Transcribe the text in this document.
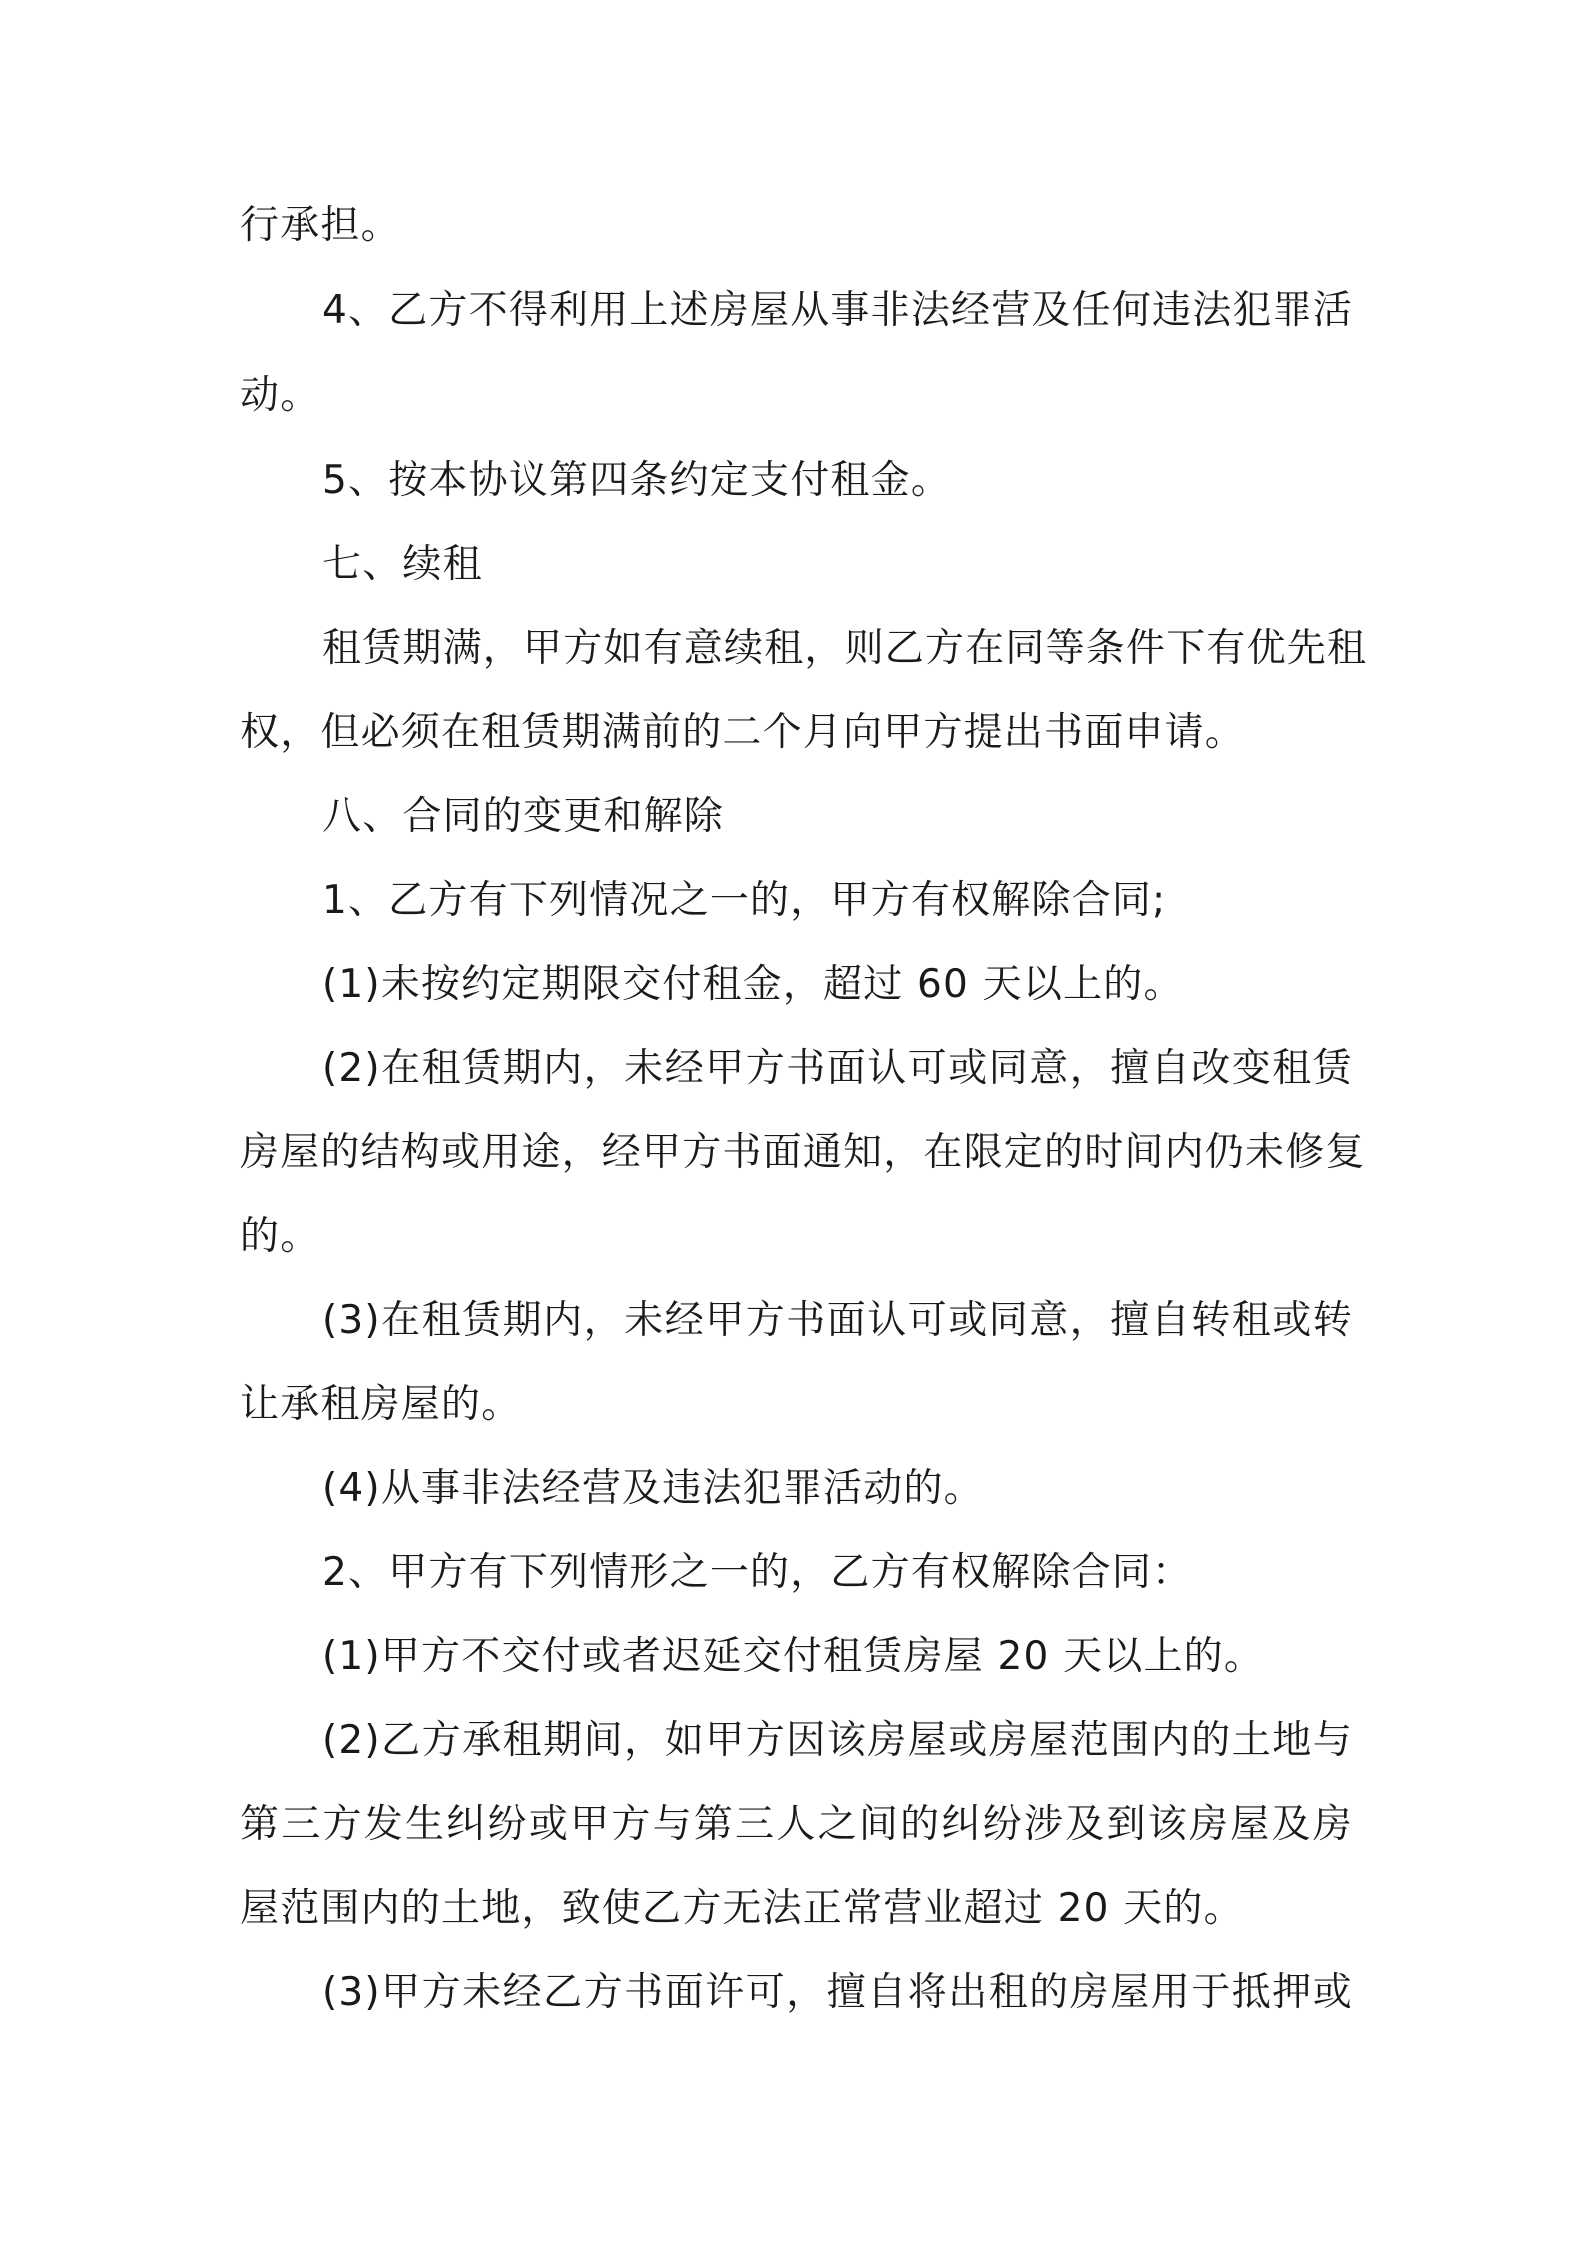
行承担。

4、乙方不得利用上述房屋从事非法经营及任何违法犯罪活

动。

5、按本协议第四条约定支付租金。

七、续租

租赁期满，甲方如有意续租，则乙方在同等条件下有优先租

权，但必须在租赁期满前的二个月向甲方提出书面申请。

八、合同的变更和解除

1、乙方有下列情况之一的，甲方有权解除合同;

(1)未按约定期限交付租金，超过 60 天以上的。

(2)在租赁期内，未经甲方书面认可或同意，擅自改变租赁

房屋的结构或用途，经甲方书面通知，在限定的时间内仍未修复

的。

(3)在租赁期内，未经甲方书面认可或同意，擅自转租或转

让承租房屋的。

(4)从事非法经营及违法犯罪活动的。

2、甲方有下列情形之一的，乙方有权解除合同：

(1)甲方不交付或者迟延交付租赁房屋 20 天以上的。

(2)乙方承租期间，如甲方因该房屋或房屋范围内的土地与

第三方发生纠纷或甲方与第三人之间的纠纷涉及到该房屋及房

屋范围内的土地，致使乙方无法正常营业超过 20 天的。

(3)甲方未经乙方书面许可，擅自将出租的房屋用于抵押或
